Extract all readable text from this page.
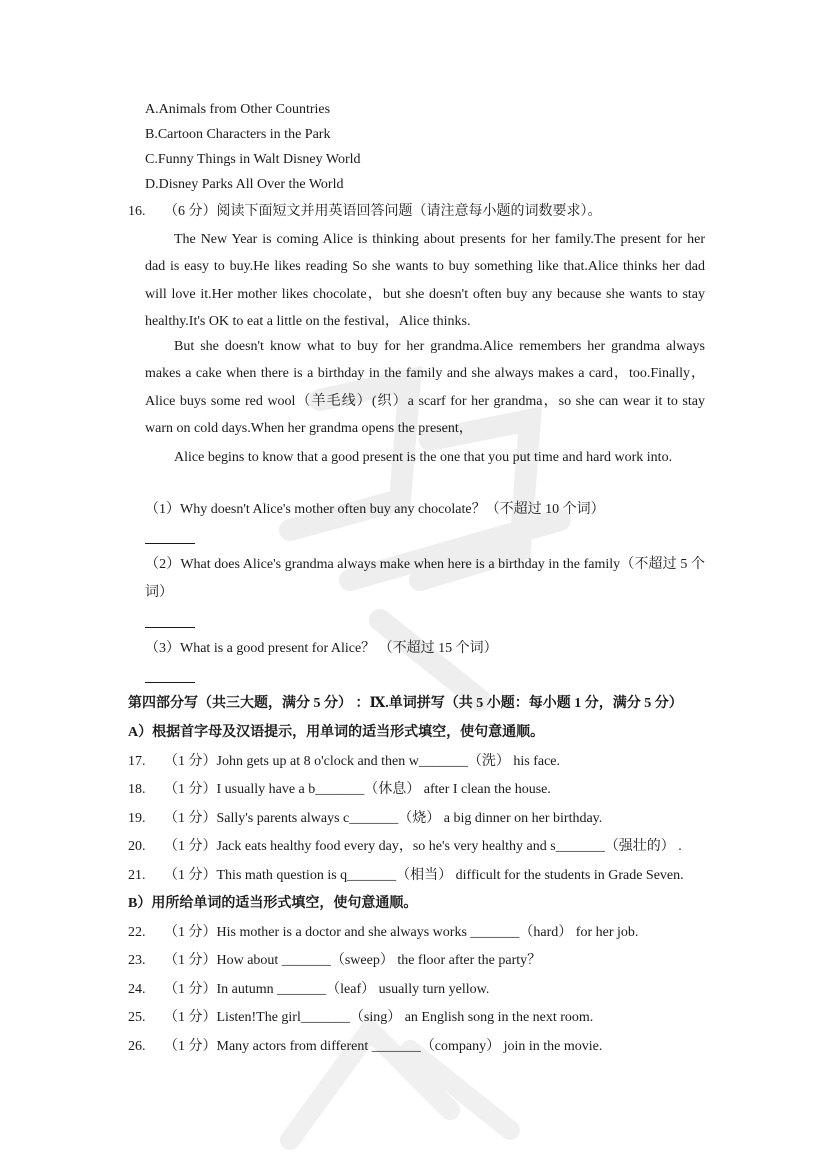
A.Animals from Other Countries
B.Cartoon Characters in the Park
C.Funny Things in Walt Disney World
D.Disney Parks All Over the World
16. （6 分）阅读下面短文并用英语回答问题（请注意每小题的词数要求）。
The New Year is coming Alice is thinking about presents for her family.The present for her dad is easy to buy.He likes reading So she wants to buy something like that.Alice thinks her dad will love it.Her mother likes chocolate，but she doesn't often buy any because she wants to stay healthy.It's OK to eat a little on the festival，Alice thinks.
But she doesn't know what to buy for her grandma.Alice remembers her grandma always makes a cake when there is a birthday in the family and she always makes a card，too.Finally，Alice buys some red wool（羊毛线）(织）a scarf for her grandma，so she can wear it to stay warn on cold days.When her grandma opens the present，
Alice begins to know that a good present is the one that you put time and hard work into.
（1）Why doesn't Alice's mother often buy any chocolate？（不超过 10 个词）
（2）What does Alice's grandma always make when here is a birthday in the family（不超过 5 个词）
（3）What is a good present for Alice？ （不超过 15 个词）
第四部分写（共三大题，满分 5 分） ：Ⅸ.单词拼写（共 5 小题：每小题 1 分，满分 5 分）
A）根据首字母及汉语提示，用单词的适当形式填空，使句意通顺。
17. （1 分）John gets up at 8 o'clock and then w_______（洗） his face.
18. （1 分）I usually have a b_______（休息） after I clean the house.
19. （1 分）Sally's parents always c_______（烧） a big dinner on her birthday.
20. （1 分）Jack eats healthy food every day，so he's very healthy and s_______（强壮的） .
21. （1 分）This math question is q_______（相当） difficult for the students in Grade Seven.
B）用所给单词的适当形式填空，使句意通顺。
22. （1 分）His mother is a doctor and she always works _______（hard） for her job.
23. （1 分）How about _______（sweep） the floor after the party？
24. （1 分）In autumn _______（leaf） usually turn yellow.
25. （1 分）Listen!The girl_______（sing） an English song in the next room.
26. （1 分）Many actors from different _______（company） join in the movie.
